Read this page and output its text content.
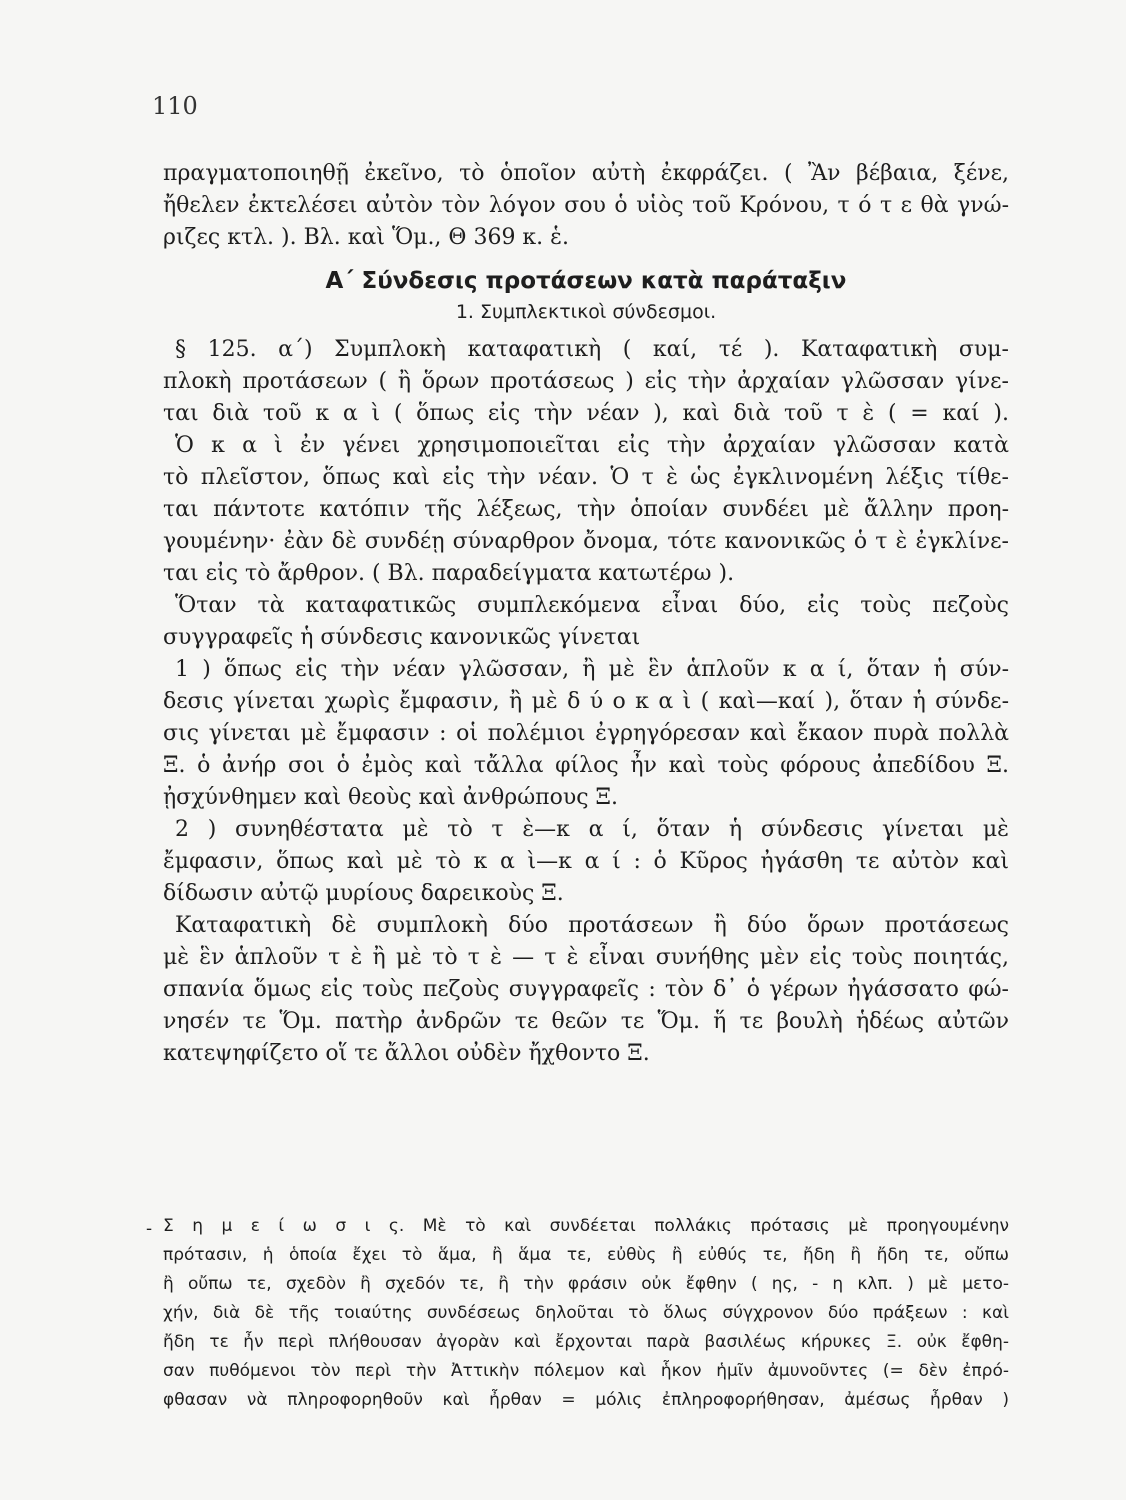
110
πραγματοποιηθῇ ἐκεῖνο, τὸ ὁποῖον αὐτὴ ἐκφράζει. ( Ἂν βέβαια, ξένε,
ἤθελεν ἐκτελέσει αὐτὸν τὸν λόγον σου ὁ υἱὸς τοῦ Κρόνου, τ ό τ ε θὰ γνώ-
ριζες κτλ. ). Βλ. καὶ Ὅμ., Θ 369 κ. ἑ.
Α΄ Σύνδεσις προτάσεων κατὰ παράταξιν
1. Συμπλεκτικοὶ σύνδεσμοι.
§ 125. α΄) Συμπλοκὴ καταφατικὴ ( καί, τέ ). Καταφατικὴ συμ-
πλοκὴ προτάσεων ( ἢ ὅρων προτάσεως ) εἰς τὴν ἀρχαίαν γλῶσσαν γίνε-
ται διὰ τοῦ κ α ὶ ( ὅπως εἰς τὴν νέαν ), καὶ διὰ τοῦ τ ὲ ( = καί ).
Ὁ κ α ὶ ἐν γένει χρησιμοποιεῖται εἰς τὴν ἀρχαίαν γλῶσσαν κατὰ
τὸ πλεῖστον, ὅπως καὶ εἰς τὴν νέαν. Ὁ τ ὲ ὡς ἐγκλινομένη λέξις τίθε-
ται πάντοτε κατόπιν τῆς λέξεως, τὴν ὁποίαν συνδέει μὲ ἄλλην προη-
γουμένην· ἐὰν δὲ συνδέῃ σύναρθρον ὄνομα, τότε κανονικῶς ὁ τ ὲ ἐγκλίνε-
ται εἰς τὸ ἄρθρον. ( Βλ. παραδείγματα κατωτέρω ).
Ὅταν τὰ καταφατικῶς συμπλεκόμενα εἶναι δύο, εἰς τοὺς πεζοὺς
συγγραφεῖς ἡ σύνδεσις κανονικῶς γίνεται
1 ) ὅπως εἰς τὴν νέαν γλῶσσαν, ἢ μὲ ἓν ἁπλοῦν κ α ί, ὅταν ἡ σύν-
δεσις γίνεται χωρὶς ἔμφασιν, ἢ μὲ δ ύ ο κ α ὶ ( καὶ—καί ), ὅταν ἡ σύνδε-
σις γίνεται μὲ ἔμφασιν : οἱ πολέμιοι ἐγρηγόρεσαν καὶ ἔκαον πυρὰ πολλὰ
Ξ. ὁ ἀνήρ σοι ὁ ἐμὸς καὶ τἄλλα φίλος ἦν καὶ τοὺς φόρους ἀπεδίδου Ξ.
ᾐσχύνθημεν καὶ θεοὺς καὶ ἀνθρώπους Ξ.
2 ) συνηθέστατα μὲ τὸ τ ὲ—κ α ί, ὅταν ἡ σύνδεσις γίνεται μὲ
ἔμφασιν, ὅπως καὶ μὲ τὸ κ α ὶ—κ α ί : ὁ Κῦρος ἠγάσθη τε αὐτὸν καὶ
δίδωσιν αὐτῷ μυρίους δαρεικοὺς Ξ.
Καταφατικὴ δὲ συμπλοκὴ δύο προτάσεων ἢ δύο ὅρων προτάσεως
μὲ ἓν ἁπλοῦν τ ὲ ἢ μὲ τὸ τ ὲ — τ ὲ εἶναι συνήθης μὲν εἰς τοὺς ποιητάς,
σπανία ὅμως εἰς τοὺς πεζοὺς συγγραφεῖς : τὸν δ᾽ ὁ γέρων ἠγάσσατο φώ-
νησέν τε Ὅμ. πατὴρ ἀνδρῶν τε θεῶν τε Ὅμ. ἥ τε βουλὴ ἡδέως αὐτῶν
κατεψηφίζετο οἵ τε ἄλλοι οὐδὲν ἤχθοντο Ξ.
- Σ η μ ε ί ω σ ι ς. Μὲ τὸ καὶ συνδέεται πολλάκις πρότασις μὲ προηγουμένην
πρότασιν, ἡ ὁποία ἔχει τὸ ἅμα, ἢ ἅμα τε, εὐθὺς ἢ εὐθύς τε, ἤδη ἢ ἤδη τε, οὔπω
ἢ οὔπω τε, σχεδὸν ἢ σχεδόν τε, ἢ τὴν φράσιν οὐκ ἔφθην ( ης, - η κλπ. ) μὲ μετο-
χήν, διὰ δὲ τῆς τοιαύτης συνδέσεως δηλοῦται τὸ ὅλως σύγχρονον δύο πράξεων : καὶ
ἤδη τε ἦν περὶ πλήθουσαν ἀγορὰν καὶ ἔρχονται παρὰ βασιλέως κήρυκες Ξ. οὐκ ἔφθη-
σαν πυθόμενοι τὸν περὶ τὴν Ἀττικὴν πόλεμον καὶ ἧκον ἡμῖν ἀμυνοῦντες (= δὲν ἐπρό-
φθασαν νὰ πληροφορηθοῦν καὶ ἦρθαν = μόλις ἐπληροφορήθησαν, ἀμέσως ἦρθαν )
